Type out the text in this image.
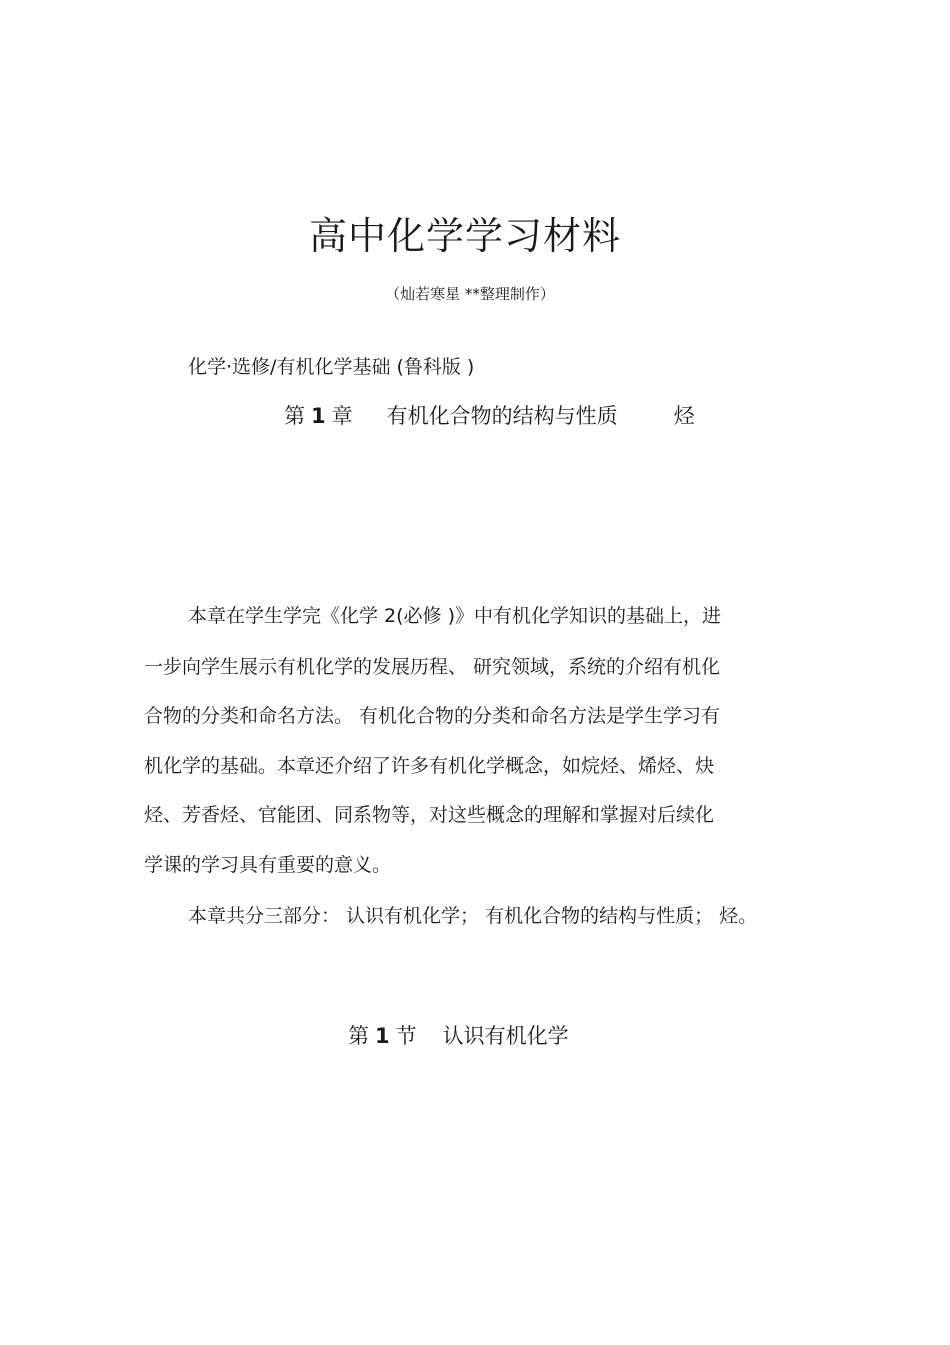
高中化学学习材料
（灿若寒星 **整理制作）
化学·选修/有机化学基础 (鲁科版 )
第 1 章 有机化合物的结构与性质	烃
本章在学生学完《化学 2(必修 )》中有机化学知识的基础上，进
一步向学生展示有机化学的发展历程、 研究领域，系统的介绍有机化
合物的分类和命名方法。 有机化合物的分类和命名方法是学生学习有
机化学的基础。本章还介绍了许多有机化学概念，如烷烃、烯烃、炔
烃、芳香烃、官能团、同系物等，对这些概念的理解和掌握对后续化
学课的学习具有重要的意义。
本章共分三部分： 认识有机化学； 有机化合物的结构与性质； 烃。
第 1 节 认识有机化学
